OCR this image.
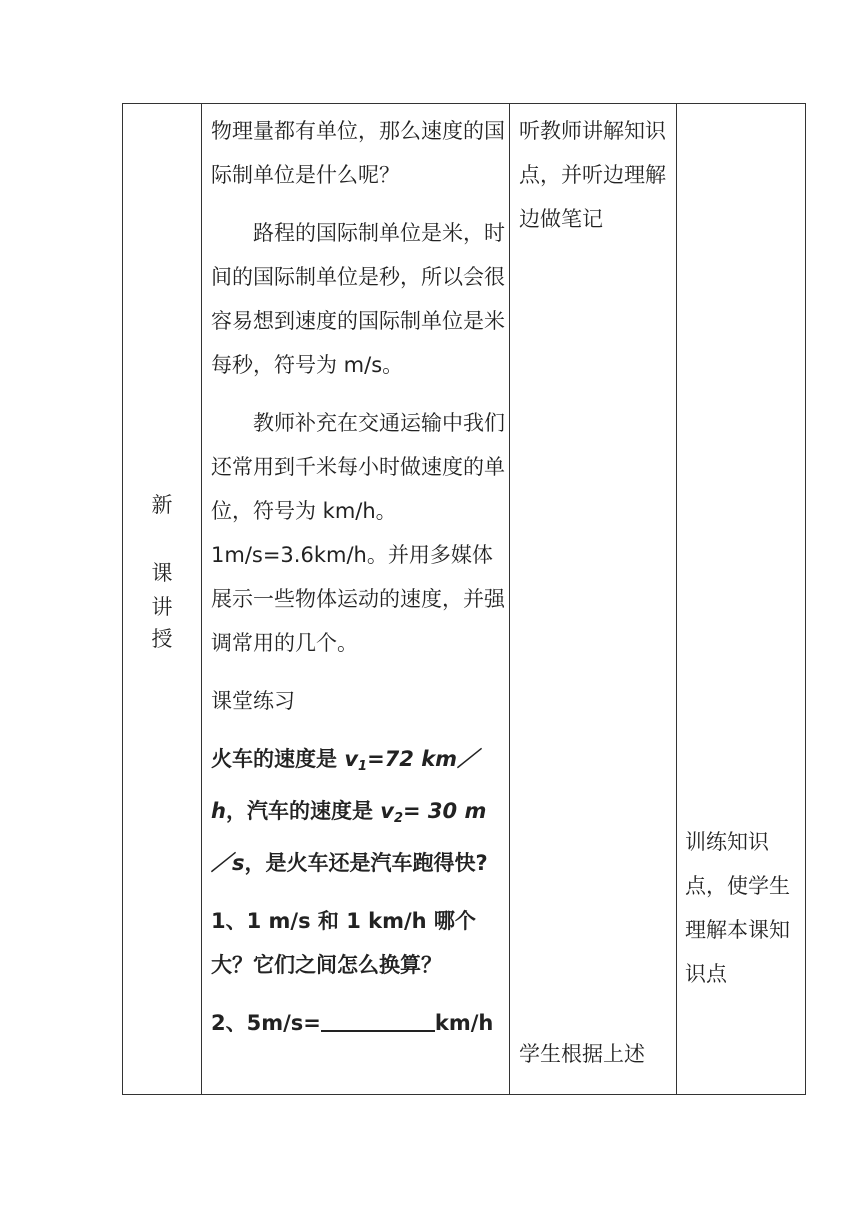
新
课
讲
授

物理量都有单位，那么速度的国际制单位是什么呢？

路程的国际制单位是米，时间的国际制单位是秒，所以会很容易想到速度的国际制单位是米每秒，符号为 m/s。

教师补充在交通运输中我们还常用到千米每小时做速度的单位，符号为 km/h。

1m/s=3.6km/h。并用多媒体展示一些物体运动的速度，并强调常用的几个。

课堂练习

火车的速度是 $v_1=72$ km／h，汽车的速度是 $v_2= 30$ m／s，是火车还是汽车跑得快?

1、1 m/s 和 1 km/h 哪个大？它们之间怎么换算？

2、5m/s=	km/h

听教师讲解知识点，并听边理解边做笔记
学生根据上述
训练知识点，使学生理解本课知识点
